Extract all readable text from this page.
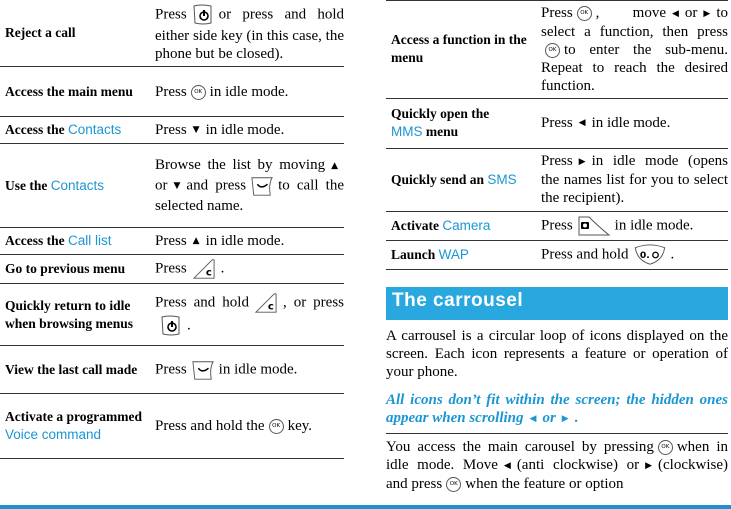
Reject a call	Press or press and hold either side key (in this case, the phone but be closed).
Access the main menu	Press OK in idle mode.
Access the Contacts	Press ▼ in idle mode.
Use the Contacts	Browse the list by moving ▲or ▼ and press to call the selected name.
Access the Call list	Press ▲ in idle mode.
Go to previous menu	Press .
Quickly return to idle when browsing menus	Press and hold , or press.
View the last call made	Press in idle mode.
Activate a programmed
Voice command	Press and hold the OK key.
Access a function in the menu	Press OK , move ◀ or ▶ to select a function, then pressOK to enter the sub-menu. Repeat to reach the desired function.
Quickly open the
MMS menu	Press ◀ in idle mode.
Quickly send an SMS	Press ▶ in idle mode (opens the names list for you to select the recipient).
Activate Camera	Press in idle mode.
Launch WAP	Press and hold .
The carrousel
A carrousel is a circular loop of icons displayed on the screen. Each icon represents a feature or operation of your phone.
All icons don’t fit within the screen; the hidden ones appear when scrolling ◀ or ▶ .
You access the main carousel by pressing OK when in idle mode. Move ◀ (anti clockwise) or ▶ (clockwise) and press OK when the feature or option
